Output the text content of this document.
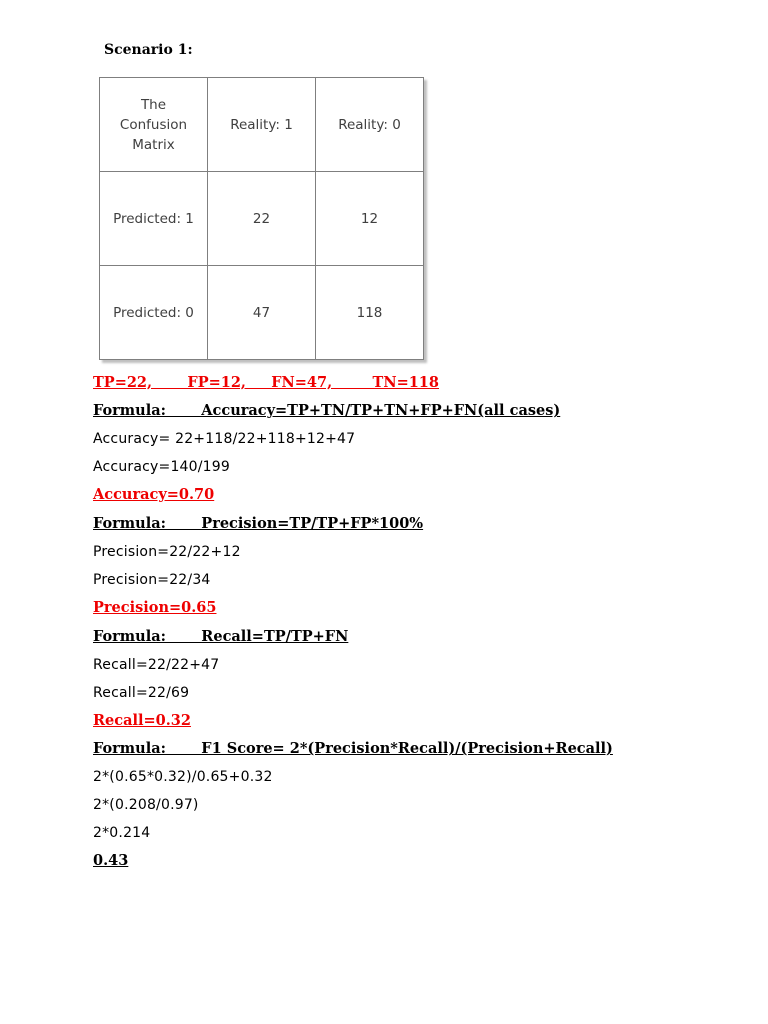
Scenario 1:
The
Confusion
Matrix	Reality: 1	Reality: 0
Predicted: 1	22	12
Predicted: 0	47	118
TP=22,       FP=12,     FN=47,        TN=118
Formula:       Accuracy=TP+TN/TP+TN+FP+FN(all cases)
Accuracy= 22+118/22+118+12+47
Accuracy=140/199
Accuracy=0.70
Formula:       Precision=TP/TP+FP*100%
Precision=22/22+12
Precision=22/34
Precision=0.65
Formula:       Recall=TP/TP+FN
Recall=22/22+47
Recall=22/69
Recall=0.32
Formula:       F1 Score= 2*(Precision*Recall)/(Precision+Recall)
2*(0.65*0.32)/0.65+0.32
2*(0.208/0.97)
2*0.214
0.43
